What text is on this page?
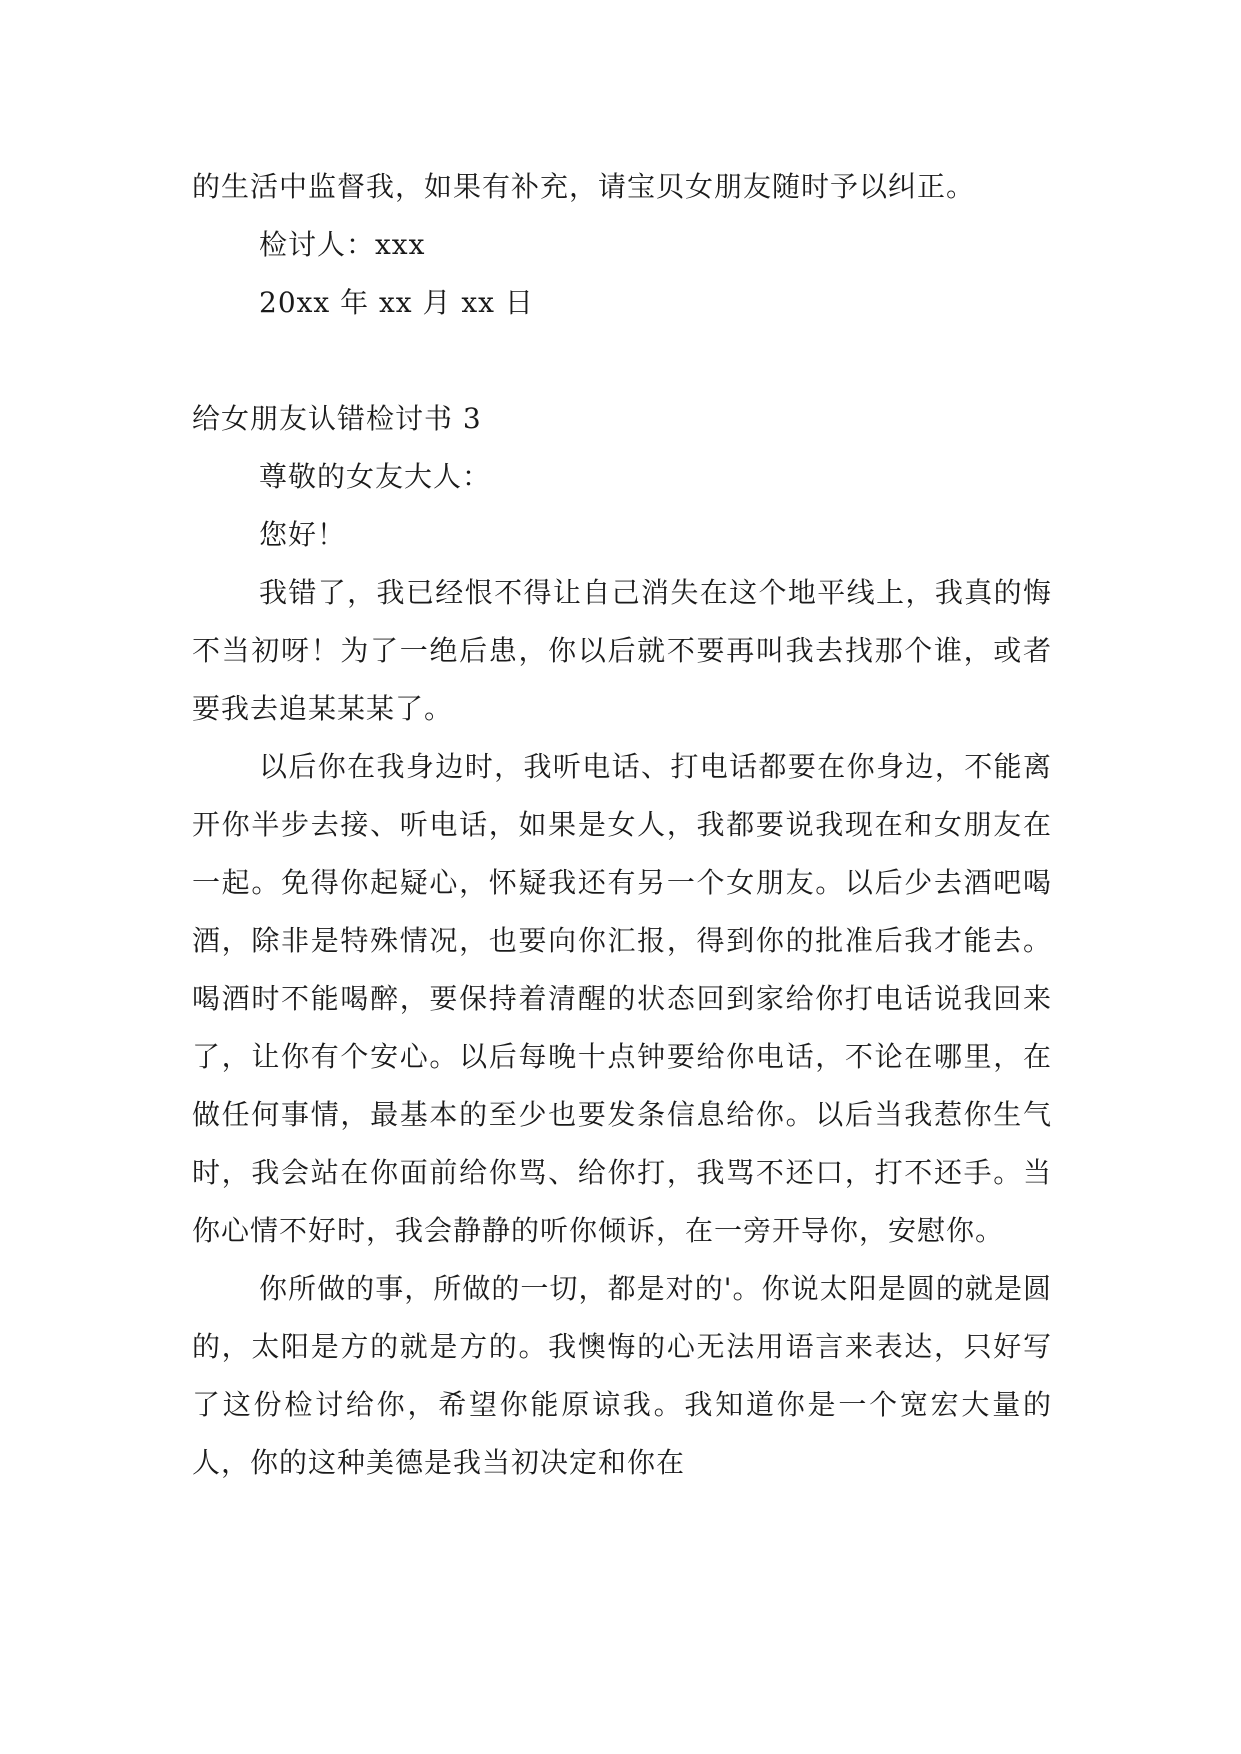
的生活中监督我，如果有补充，请宝贝女朋友随时予以纠正。

检讨人：xxx

20xx 年 xx 月 xx 日

给女朋友认错检讨书 3

尊敬的女友大人：

您好！

我错了，我已经恨不得让自己消失在这个地平线上，我真的悔不当初呀！为了一绝后患，你以后就不要再叫我去找那个谁，或者要我去追某某某了。

以后你在我身边时，我听电话、打电话都要在你身边，不能离开你半步去接、听电话，如果是女人，我都要说我现在和女朋友在一起。免得你起疑心，怀疑我还有另一个女朋友。以后少去酒吧喝酒，除非是特殊情况，也要向你汇报，得到你的批准后我才能去。喝酒时不能喝醉，要保持着清醒的状态回到家给你打电话说我回来了，让你有个安心。以后每晚十点钟要给你电话，不论在哪里，在做任何事情，最基本的至少也要发条信息给你。以后当我惹你生气时，我会站在你面前给你骂、给你打，我骂不还口，打不还手。当你心情不好时，我会静静的听你倾诉，在一旁开导你，安慰你。

你所做的事，所做的一切，都是对的'。你说太阳是圆的就是圆的，太阳是方的就是方的。我懊悔的心无法用语言来表达，只好写了这份检讨给你，希望你能原谅我。我知道你是一个宽宏大量的人，你的这种美德是我当初决定和你在
